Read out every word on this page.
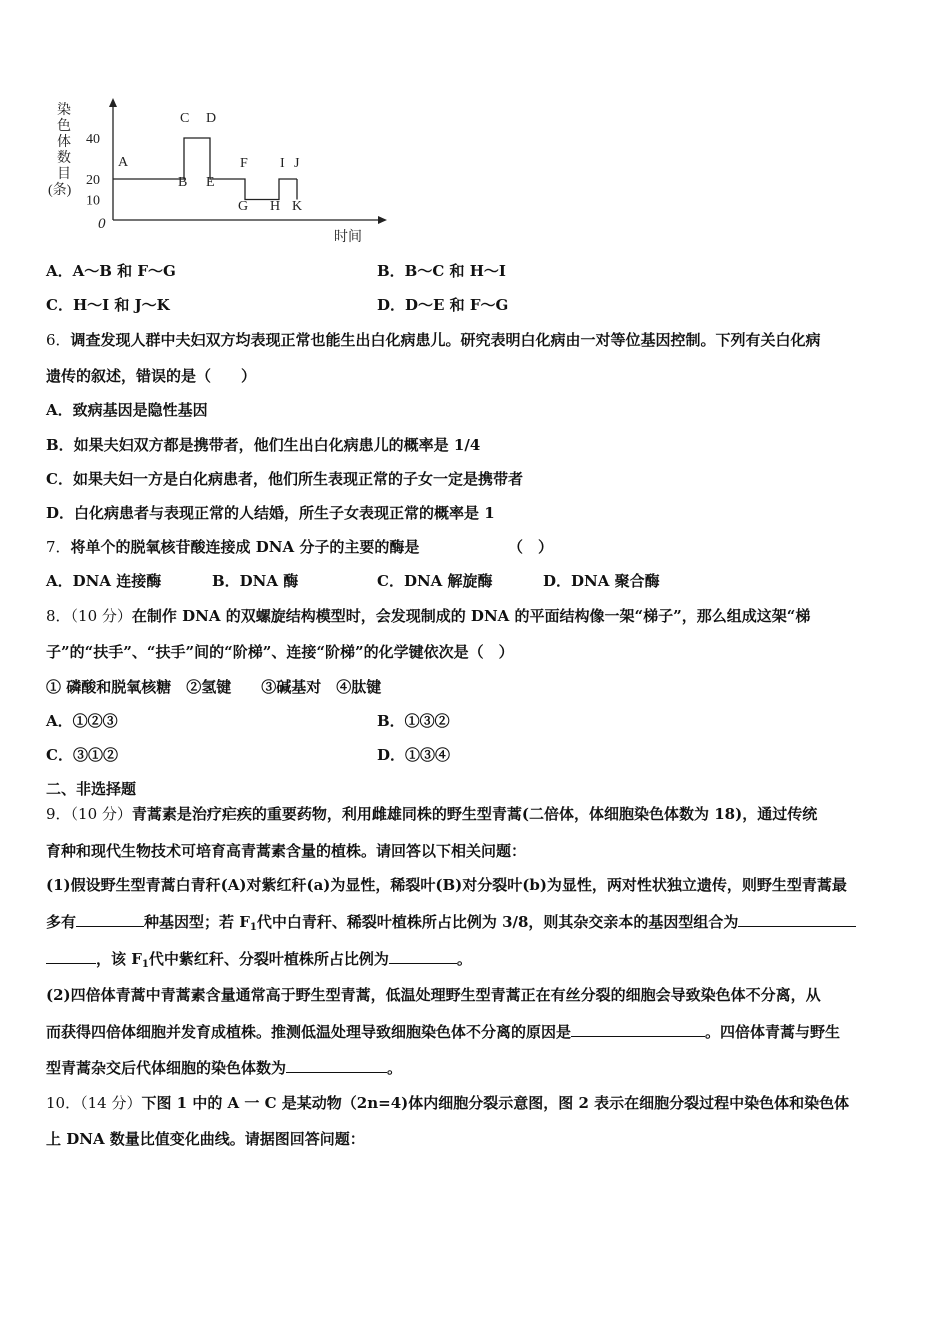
染
色
体
数
目
(条)
0
时间
10
20
40
A
B
C D
E
F
G H
I J
K
A．A～B 和 F～G	B．B～C 和 H～I
C．H～I 和 J～K	D．D～E 和 F～G
6．调查发现人群中夫妇双方均表现正常也能生出白化病患儿。研究表明白化病由一对等位基因控制。下列有关白化病
遗传的叙述，错误的是（　　）
A．致病基因是隐性基因
B．如果夫妇双方都是携带者，他们生出白化病患儿的概率是 1/4
C．如果夫妇一方是白化病患者，他们所生表现正常的子女一定是携带者
D．白化病患者与表现正常的人结婚，所生子女表现正常的概率是 1
7．将单个的脱氧核苷酸连接成 DNA 分子的主要的酶是	（　）
A．DNA 连接酶	B．DNA 酶	C．DNA 解旋酶	D．DNA 聚合酶
8．（10 分）在制作 DNA 的双螺旋结构模型时，会发现制成的 DNA 的平面结构像一架“梯子”，那么组成这架“梯
子”的“扶手”、“扶手”间的“阶梯”、连接“阶梯”的化学键依次是（　）
① 磷酸和脱氧核糖　②氢键　　③碱基对　④肽键
A．①②③	B．①③②
C．③①②	D．①③④
二、非选择题
9．（10 分）青蒿素是治疗疟疾的重要药物，利用雌雄同株的野生型青蒿(二倍体，体细胞染色体数为 18)，通过传统
育种和现代生物技术可培育高青蒿素含量的植株。请回答以下相关问题：
(1)假设野生型青蒿白青秆(A)对紫红秆(a)为显性，稀裂叶(B)对分裂叶(b)为显性，两对性状独立遗传，则野生型青蒿最
多有	种基因型；若 $F_1$代中白青秆、稀裂叶植株所占比例为 3/8，则其杂交亲本的基因型组合为
，该 $F_1$代中紫红秆、分裂叶植株所占比例为	。
(2)四倍体青蒿中青蒿素含量通常高于野生型青蒿，低温处理野生型青蒿正在有丝分裂的细胞会导致染色体不分离，从
而获得四倍体细胞并发育成植株。推测低温处理导致细胞染色体不分离的原因是	。四倍体青蒿与野生
型青蒿杂交后代体细胞的染色体数为	。
10．（14 分）下图 1 中的 A 一 C 是某动物（2n=4)体内细胞分裂示意图，图 2 表示在细胞分裂过程中染色体和染色体
上 DNA 数量比值变化曲线。请据图回答问题：
